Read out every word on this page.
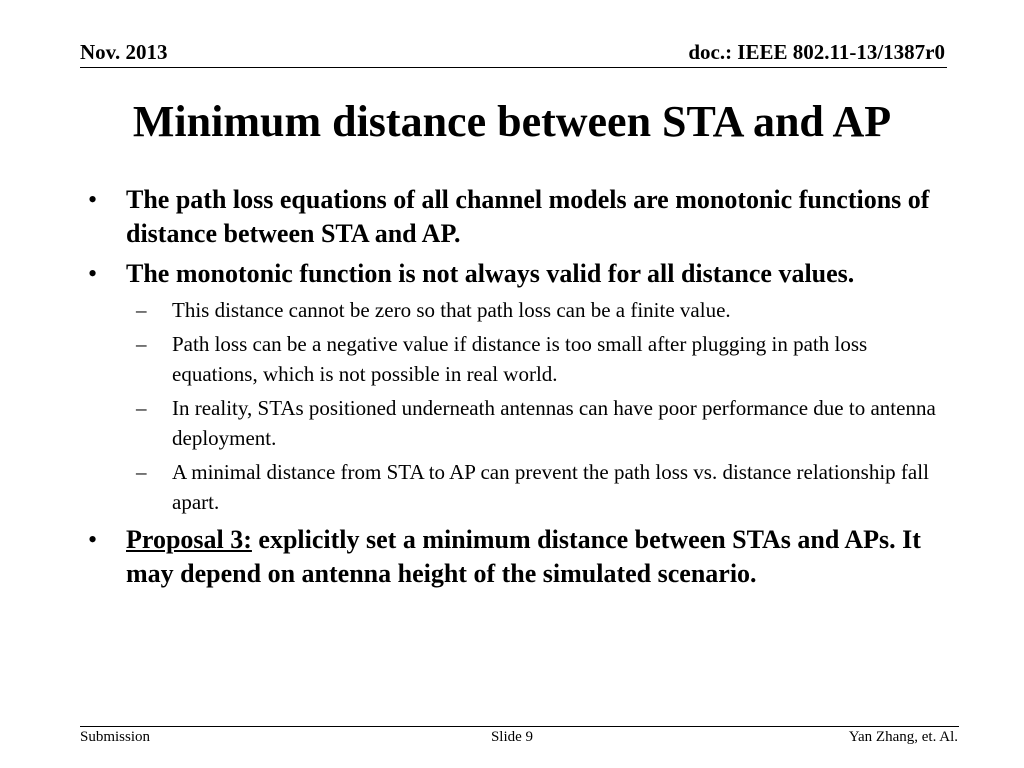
Nov. 2013	doc.: IEEE 802.11-13/1387r0
Minimum distance between STA and AP
• The path loss equations of all channel models are monotonic functions of distance between STA and AP.
• The monotonic function is not always valid for all distance values.
– This distance cannot be zero so that path loss can be a finite value.
– Path loss can be a negative value if distance is too small after plugging in path loss equations, which is not possible in real world.
– In reality, STAs positioned underneath antennas can have poor performance due to antenna deployment.
– A minimal distance from STA to AP can prevent the path loss vs. distance relationship fall apart.
• Proposal 3: explicitly set a minimum distance between STAs and APs. It may depend on antenna height of the simulated scenario.
Submission	Slide 9	Yan Zhang, et. Al.
